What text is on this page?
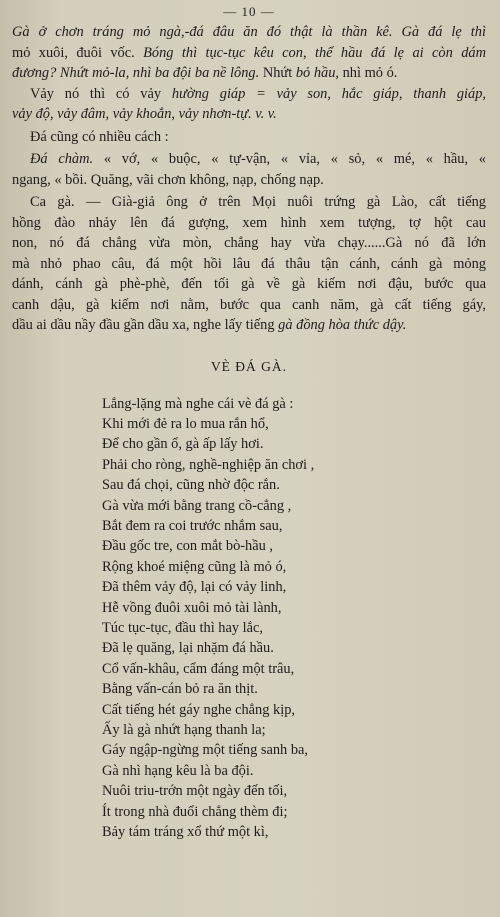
— 10 —
Gà ở chơn tráng mỏ ngà,-đá đâu ăn đó thật là thần kê. Gà đá lẹ thì
mỏ xuôi, đuôi vốc. Bóng thì tục-tục kêu con, thế hầu đá lẹ ai còn dám
đương? Nhứt mỏ-la, nhì ba đội ba nề lông. Nhứt bỏ hầu, nhì mỏ ó.
Vảy nó thì có vảy hường giáp = vảy son, hắc giáp, thanh giáp,
vảy độ, vảy đâm, vảy khoẳn, vảy nhơn-tự. v. v.
Đá cũng có nhiều cách :
Đá chàm. « vớ, « buộc, « tự-vận, « vỉa, « sỏ, « mé, « hầu, «
ngang, « bồi. Quăng, vãi chơn không, nạp, chống nạp.
Ca gà. — Già-giả ông ở trên Mọi nuôi trứng gà Lào, cất tiếng
hồng đào nhảy lên đá gượng, xem hình xem tượng, tợ hột cau
non, nó đá chẳng vừa mòn, chẳng hay vừa chạy......Gà nó đã lớn
mà nhỏ phao câu, đá một hồi lâu đá thâu tận cánh, cánh gà mỏng
dánh, cánh gà phè-phè, đến tối gà về gà kiếm nơi đậu, bước qua
canh dậu, gà kiếm nơi nằm, bước qua canh năm, gà cất tiếng gáy,
dầu ai dầu nầy đầu gần dầu xa, nghe lấy tiếng gà đồng hòa thức dậy.
VÈ ĐÁ GÀ.
Lẳng-lặng mà nghe cái vè đá gà :
Khi mới đẻ ra lo mua rắn hổ,
Để cho gần ổ, gà ấp lấy hơi.
Phải cho ròng, nghề-nghiệp ăn chơi ,
Sau đá chọi, cũng nhờ độc rắn.
Gà vừa mới bằng trang cồ-cẳng ,
Bắt đem ra coi trước nhắm sau,
Đầu gốc tre, con mắt bò-hầu ,
Rộng khoé miệng cũng là mỏ ó,
Đã thêm vảy độ, lại có vảy linh,
Hễ vồng đuôi xuôi mỏ tài lành,
Túc tục-tục, đầu thì hay lắc,
Đã lẹ quăng, lại nhặm đá hầu.
Cổ vấn-khâu, cẩm đáng một trâu,
Bằng vấn-cán bỏ ra ăn thịt.
Cất tiếng hét gáy nghe chẳng kịp,
Ấy là gà nhứt hạng thanh la;
Gáy ngập-ngừng một tiếng sanh ba,
Gà nhì hạng kêu là ba đội.
Nuôi triu-trớn một ngày đến tối,
Ít trong nhà đuổi chẳng thèm đi;
Bảy tám tráng xổ thứ một kì,
